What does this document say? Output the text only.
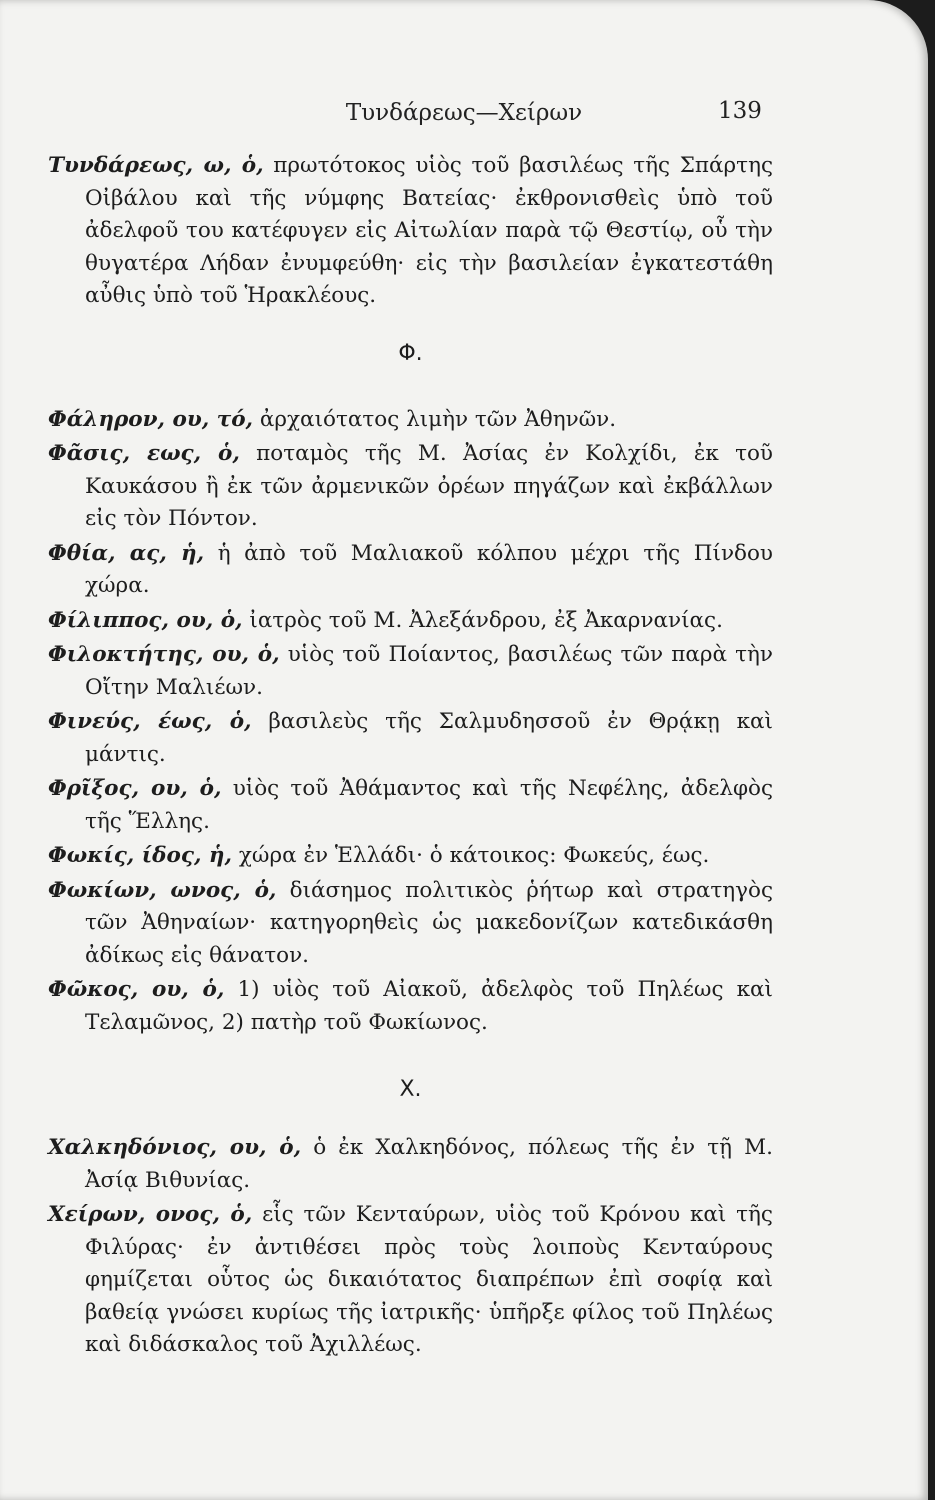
Τυνδάρεως—Χείρων	139

Τυνδάρεως, ω, ὁ, πρωτότοκος υἱὸς τοῦ βασιλέως τῆς Σπάρτης Οἰβάλου καὶ τῆς νύμφης Βατείας· ἐκθρονισθεὶς ὑπὸ τοῦ ἀδελφοῦ του κατέφυγεν εἰς Αἰτωλίαν παρὰ τῷ Θεστίῳ, οὗ τὴν θυγατέρα Λήδαν ἐνυμφεύθη· εἰς τὴν βασιλείαν ἐγκατεστάθη αὖθις ὑπὸ τοῦ Ἡρακλέους.

Φ.

Φάληρον, ου, τό, ἀρχαιότατος λιμὴν τῶν Ἀθηνῶν.

Φᾶσις, εως, ὁ, ποταμὸς τῆς Μ. Ἀσίας ἐν Κολχίδι, ἐκ τοῦ Καυκάσου ἢ ἐκ τῶν ἀρμενικῶν ὀρέων πηγάζων καὶ ἐκβάλλων εἰς τὸν Πόντον.

Φθία, ας, ἡ, ἡ ἀπὸ τοῦ Μαλιακοῦ κόλπου μέχρι τῆς Πίνδου χώρα.

Φίλιππος, ου, ὁ, ἰατρὸς τοῦ Μ. Ἀλεξάνδρου, ἐξ Ἀκαρνανίας.

Φιλοκτήτης, ου, ὁ, υἱὸς τοῦ Ποίαντος, βασιλέως τῶν παρὰ τὴν Οἴτην Μαλιέων.

Φινεύς, έως, ὁ, βασιλεὺς τῆς Σαλμυδησσοῦ ἐν Θρᾴκῃ καὶ μάντις.

Φρῖξος, ου, ὁ, υἱὸς τοῦ Ἀθάμαντος καὶ τῆς Νεφέλης, ἀδελφὸς τῆς Ἕλλης.

Φωκίς, ίδος, ἡ, χώρα ἐν Ἑλλάδι· ὁ κάτοικος: Φωκεύς, έως.

Φωκίων, ωνος, ὁ, διάσημος πολιτικὸς ῥήτωρ καὶ στρατηγὸς τῶν Ἀθηναίων· κατηγορηθεὶς ὡς μακεδονίζων κατεδικάσθη ἀδίκως εἰς θάνατον.

Φῶκος, ου, ὁ, 1) υἱὸς τοῦ Αἰακοῦ, ἀδελφὸς τοῦ Πηλέως καὶ Τελαμῶνος, 2) πατὴρ τοῦ Φωκίωνος.

Χ.

Χαλκηδόνιος, ου, ὁ, ὁ ἐκ Χαλκηδόνος, πόλεως τῆς ἐν τῇ Μ. Ἀσίᾳ Βιθυνίας.

Χείρων, ονος, ὁ, εἷς τῶν Κενταύρων, υἱὸς τοῦ Κρόνου καὶ τῆς Φιλύρας· ἐν ἀντιθέσει πρὸς τοὺς λοιποὺς Κενταύρους φημίζεται οὗτος ὡς δικαιότατος διαπρέπων ἐπὶ σοφίᾳ καὶ βαθείᾳ γνώσει κυρίως τῆς ἰατρικῆς· ὑπῆρξε φίλος τοῦ Πηλέως καὶ διδάσκαλος τοῦ Ἀχιλλέως.
